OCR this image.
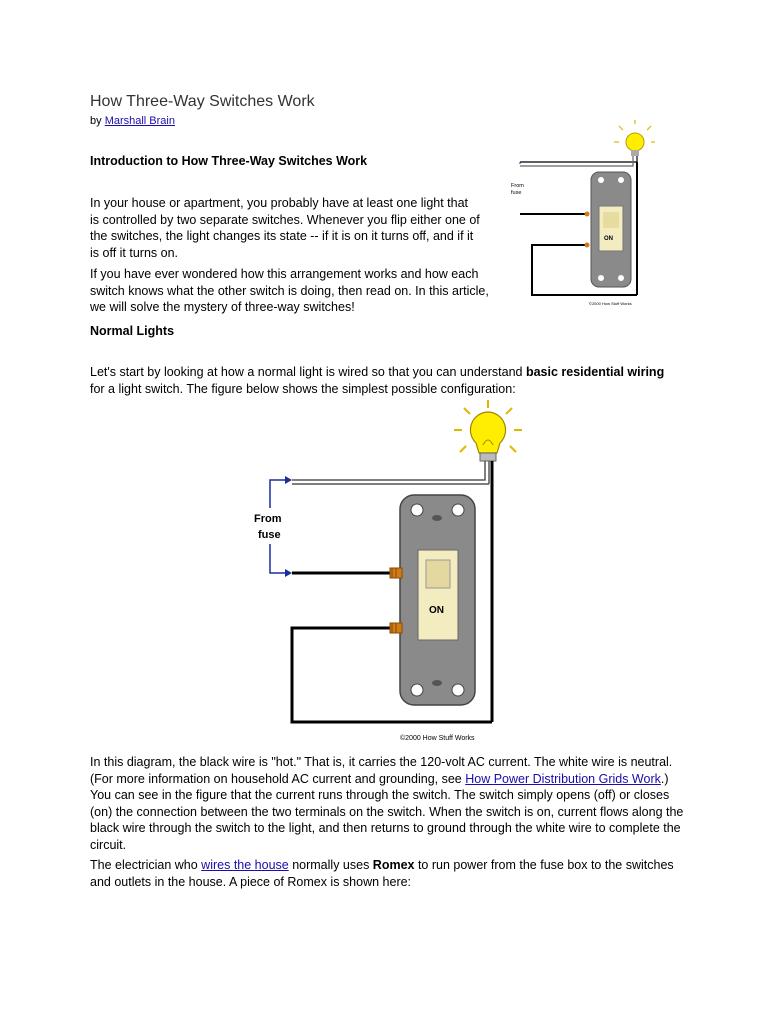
How Three-Way Switches Work
by Marshall Brain
Introduction to How Three-Way Switches Work
In your house or apartment, you probably have at least one light that is controlled by two separate switches. Whenever you flip either one of the switches, the light changes its state -- if it is on it turns off, and if it is off it turns on.
If you have ever wondered how this arrangement works and how each switch knows what the other switch is doing, then read on. In this article, we will solve the mystery of three-way switches!
ON
From
fuse
©2000 How Stuff Works
Normal Lights
Let's start by looking at how a normal light is wired so that you can understand basic residential wiring for a light switch. The figure below shows the simplest possible configuration:
From
fuse
ON
©2000 How Stuff Works
In this diagram, the black wire is "hot." That is, it carries the 120-volt AC current. The white wire is neutral. (For more information on household AC current and grounding, see How Power Distribution Grids Work.) You can see in the figure that the current runs through the switch. The switch simply opens (off) or closes (on) the connection between the two terminals on the switch. When the switch is on, current flows along the black wire through the switch to the light, and then returns to ground through the white wire to complete the circuit.
The electrician who wires the house normally uses Romex to run power from the fuse box to the switches and outlets in the house. A piece of Romex is shown here:
